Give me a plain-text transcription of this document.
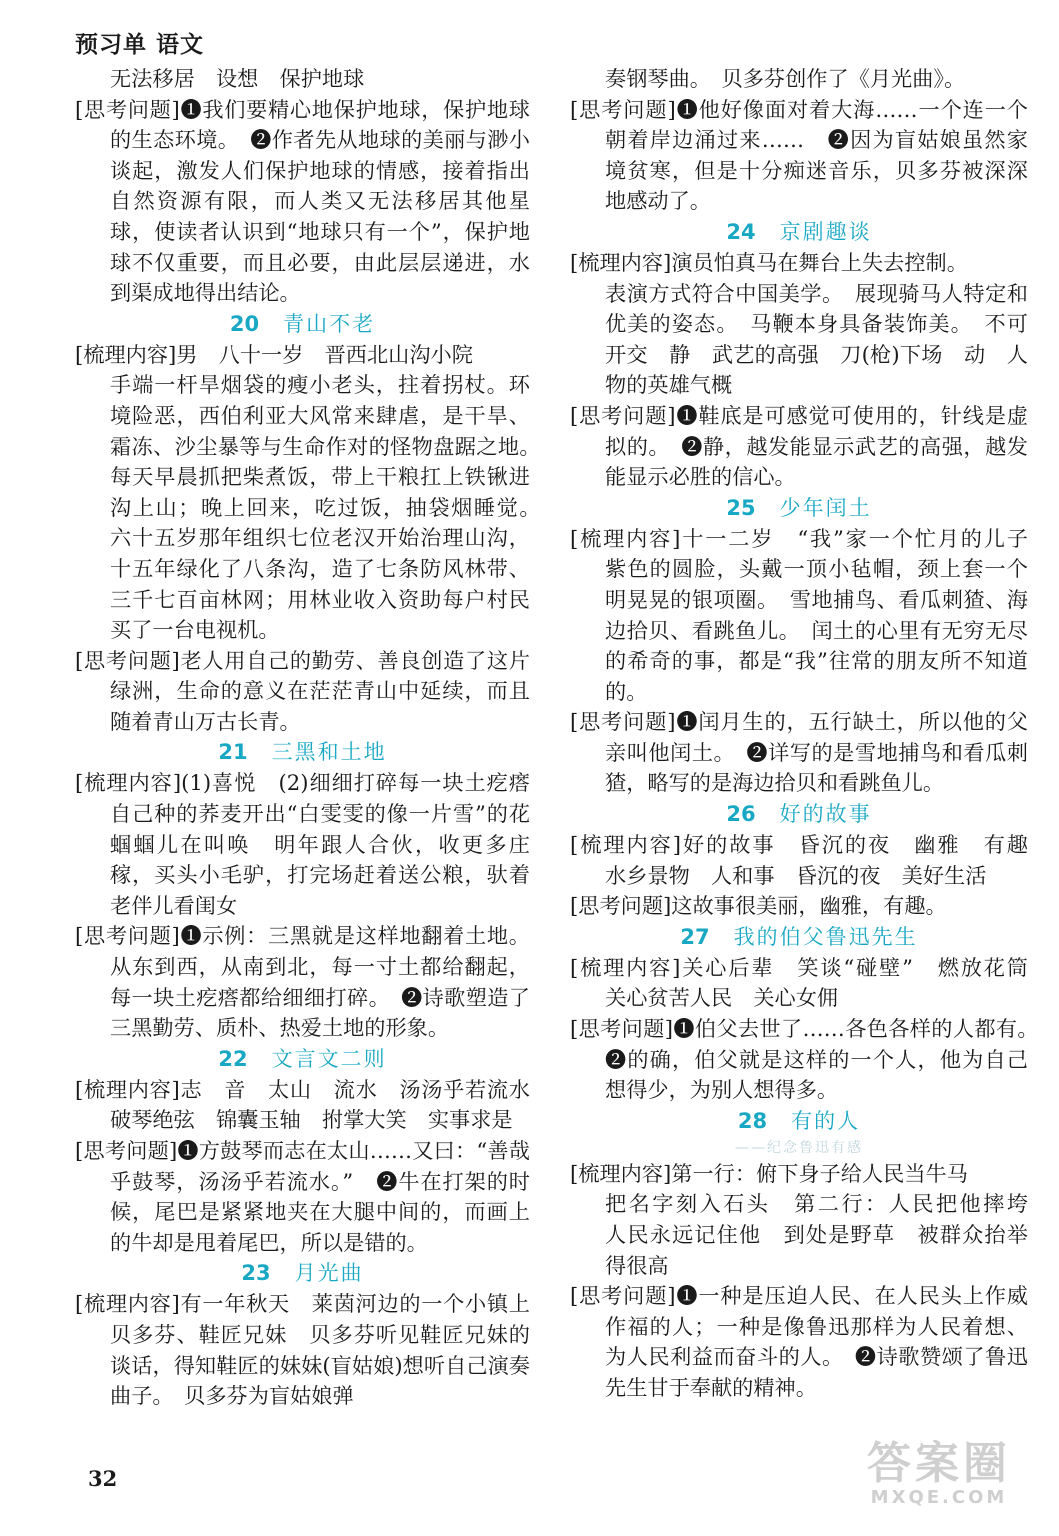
预习单 语文
无法移居　设想　保护地球
[思考问题]❶我们要精心地保护地球，保护地球的生态环境。　❷作者先从地球的美丽与渺小谈起，激发人们保护地球的情感，接着指出自然资源有限，而人类又无法移居其他星球，使读者认识到“地球只有一个”，保护地球不仅重要，而且必要，由此层层递进，水到渠成地得出结论。
20 青山不老
[梳理内容]男　八十一岁　晋西北山沟小院
手端一杆旱烟袋的瘦小老头，拄着拐杖。环境险恶，西伯利亚大风常来肆虐，是干旱、霜冻、沙尘暴等与生命作对的怪物盘踞之地。　每天早晨抓把柴煮饭，带上干粮扛上铁锹进沟上山；晚上回来，吃过饭，抽袋烟睡觉。　六十五岁那年组织七位老汉开始治理山沟，十五年绿化了八条沟，造了七条防风林带、三千七百亩林网；用林业收入资助每户村民买了一台电视机。
[思考问题]老人用自己的勤劳、善良创造了这片绿洲，生命的意义在茫茫青山中延续，而且随着青山万古长青。
21 三黑和土地
[梳理内容](1)喜悦　(2)细细打碎每一块土疙瘩　自己种的荞麦开出“白雯雯的像一片雪”的花　蝈蝈儿在叫唤　明年跟人合伙，收更多庄稼，买头小毛驴，打完场赶着送公粮，驮着老伴儿看闺女
[思考问题]❶示例：三黑就是这样地翻着土地。从东到西，从南到北，每一寸土都给翻起，每一块土疙瘩都给细细打碎。　❷诗歌塑造了三黑勤劳、质朴、热爱土地的形象。
22 文言文二则
[梳理内容]志　音　太山　流水　汤汤乎若流水　破琴绝弦　锦囊玉轴　拊掌大笑　实事求是
[思考问题]❶方鼓琴而志在太山……又曰：“善哉乎鼓琴，汤汤乎若流水。”　❷牛在打架的时候，尾巴是紧紧地夹在大腿中间的，而画上的牛却是甩着尾巴，所以是错的。
23 月光曲
[梳理内容]有一年秋天　莱茵河边的一个小镇上　贝多芬、鞋匠兄妹　贝多芬听见鞋匠兄妹的谈话，得知鞋匠的妹妹(盲姑娘)想听自己演奏曲子。　贝多芬为盲姑娘弹
奏钢琴曲。　贝多芬创作了《月光曲》。
[思考问题]❶他好像面对着大海……一个连一个朝着岸边涌过来……　❷因为盲姑娘虽然家境贫寒，但是十分痴迷音乐，贝多芬被深深地感动了。
24 京剧趣谈
[梳理内容]演员怕真马在舞台上失去控制。
表演方式符合中国美学。　展现骑马人特定和优美的姿态。　马鞭本身具备装饰美。　不可开交　静　武艺的高强　刀(枪)下场　动　人物的英雄气概
[思考问题]❶鞋底是可感觉可使用的，针线是虚拟的。　❷静，越发能显示武艺的高强，越发能显示必胜的信心。
25 少年闰土
[梳理内容]十一二岁　“我”家一个忙月的儿子　紫色的圆脸，头戴一顶小毡帽，颈上套一个明晃晃的银项圈。　雪地捕鸟、看瓜刺猹、海边拾贝、看跳鱼儿。　闰土的心里有无穷无尽的希奇的事，都是“我”往常的朋友所不知道的。
[思考问题]❶闰月生的，五行缺土，所以他的父亲叫他闰土。　❷详写的是雪地捕鸟和看瓜刺猹，略写的是海边拾贝和看跳鱼儿。
26 好的故事
[梳理内容]好的故事　昏沉的夜　幽雅　有趣　水乡景物　人和事　昏沉的夜　美好生活
[思考问题]这故事很美丽，幽雅，有趣。
27 我的伯父鲁迅先生
[梳理内容]关心后辈　笑谈“碰壁”　燃放花筒　关心贫苦人民　关心女佣
[思考问题]❶伯父去世了……各色各样的人都有。　❷的确，伯父就是这样的一个人，他为自己想得少，为别人想得多。
28 有的人
——纪念鲁迅有感
[梳理内容]第一行：俯下身子给人民当牛马
把名字刻入石头　第二行：人民把他摔垮　人民永远记住他　到处是野草　被群众抬举得很高
[思考问题]❶一种是压迫人民、在人民头上作威作福的人；一种是像鲁迅那样为人民着想、为人民利益而奋斗的人。　❷诗歌赞颂了鲁迅先生甘于奉献的精神。
32	答案圈
MXQE.COM
